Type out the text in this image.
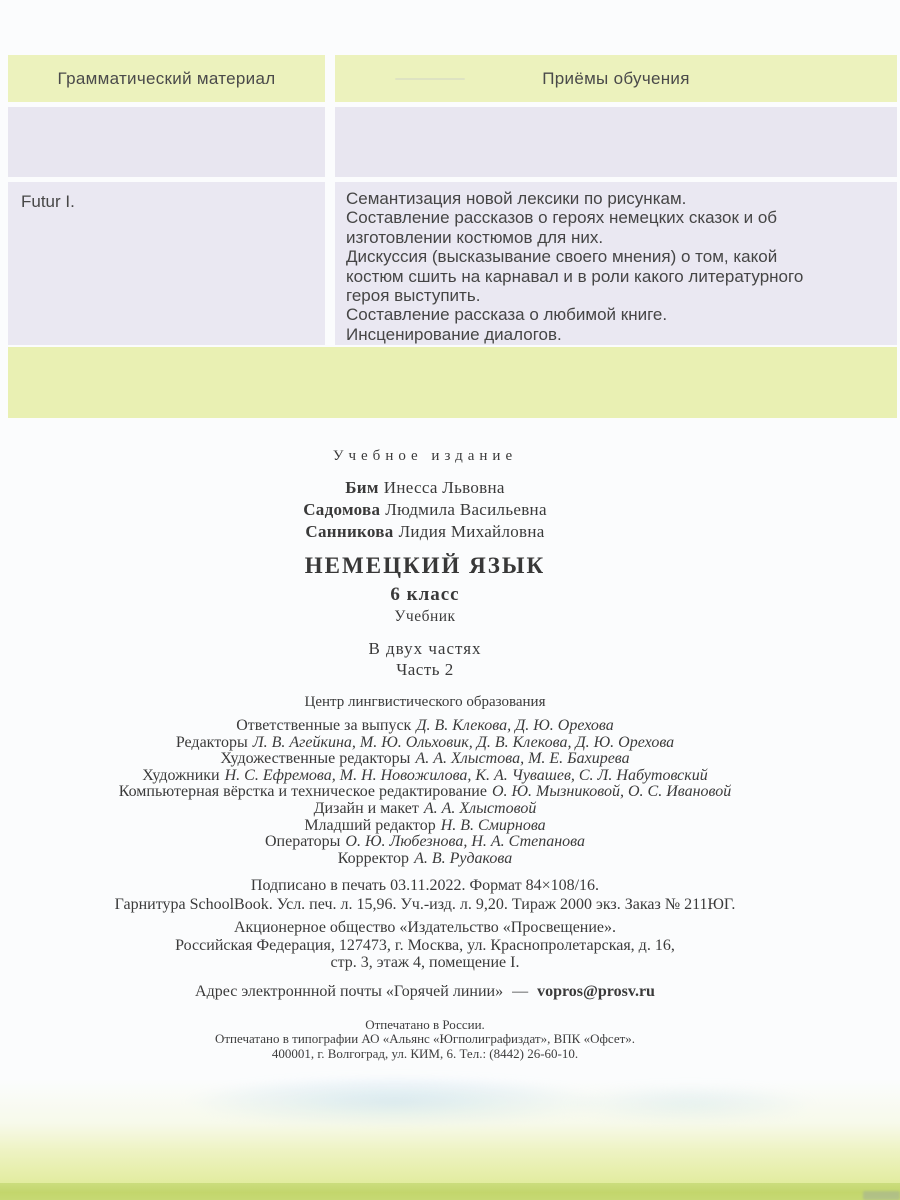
Грамматический материал	Приёмы обучения
Futur I.	Семантизация новой лексики по рисункам.
Составление рассказов о героях немецких сказок и об изготовлении костюмов для них.
Дискуссия (высказывание своего мнения) о том, какой костюм сшить на карнавал и в роли какого литературного героя выступить.
Составление рассказа о любимой книге.
Инсценирование диалогов.
Учебное издание
Бим Инесса Львовна
Садомова Людмила Васильевна
Санникова Лидия Михайловна
НЕМЕЦКИЙ ЯЗЫК
6 класс
Учебник
В двух частях
Часть 2
Центр лингвистического образования
Ответственные за выпуск Д. В. Клекова, Д. Ю. Орехова
Редакторы Л. В. Агейкина, М. Ю. Ольховик, Д. В. Клекова, Д. Ю. Орехова
Художественные редакторы А. А. Хлыстова, М. Е. Бахирева
Художники Н. С. Ефремова, М. Н. Новожилова, К. А. Чувашев, С. Л. Набутовский
Компьютерная вёрстка и техническое редактирование О. Ю. Мызниковой, О. С. Ивановой
Дизайн и макет А. А. Хлыстовой
Младший редактор Н. В. Смирнова
Операторы О. Ю. Любезнова, Н. А. Степанова
Корректор А. В. Рудакова
Подписано в печать 03.11.2022. Формат 84×108/16.
Гарнитура SchoolBook. Усл. печ. л. 15,96. Уч.-изд. л. 9,20. Тираж 2000 экз. Заказ № 211ЮГ.
Акционерное общество «Издательство «Просвещение».
Российская Федерация, 127473, г. Москва, ул. Краснопролетарская, д. 16,
стр. 3, этаж 4, помещение I.
Адрес электроннной почты «Горячей линии» — vopros@prosv.ru
Отпечатано в России.
Отпечатано в типографии АО «Альянс «Югполиграфиздат», ВПК «Офсет».
400001, г. Волгоград, ул. КИМ, 6. Тел.: (8442) 26-60-10.
